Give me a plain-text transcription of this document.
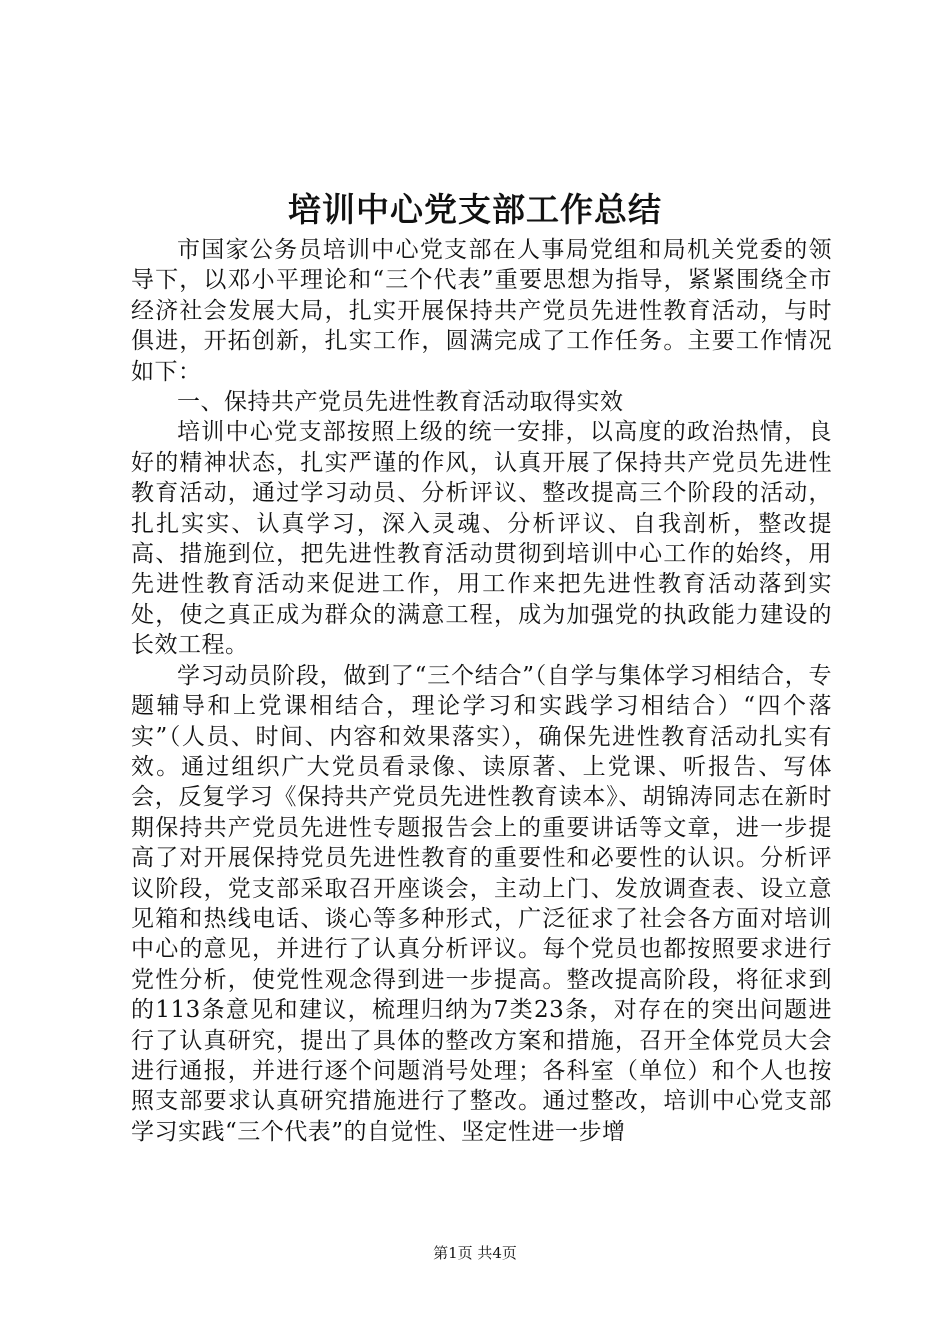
培训中心党支部工作总结

市国家公务员培训中心党支部在人事局党组和局机关党委的领导下，以邓小平理论和“三个代表”重要思想为指导，紧紧围绕全市经济社会发展大局，扎实开展保持共产党员先进性教育活动，与时俱进，开拓创新，扎实工作，圆满完成了工作任务。主要工作情况如下：

一、保持共产党员先进性教育活动取得实效

培训中心党支部按照上级的统一安排，以高度的政治热情，良好的精神状态，扎实严谨的作风，认真开展了保持共产党员先进性教育活动，通过学习动员、分析评议、整改提高三个阶段的活动，扎扎实实、认真学习，深入灵魂、分析评议、自我剖析，整改提高、措施到位，把先进性教育活动贯彻到培训中心工作的始终，用先进性教育活动来促进工作，用工作来把先进性教育活动落到实处，使之真正成为群众的满意工程，成为加强党的执政能力建设的长效工程。

学习动员阶段，做到了“三个结合”（自学与集体学习相结合，专题辅导和上党课相结合，理论学习和实践学习相结合）“四个落实”（人员、时间、内容和效果落实），确保先进性教育活动扎实有效。通过组织广大党员看录像、读原著、上党课、听报告、写体会，反复学习《保持共产党员先进性教育读本》、胡锦涛同志在新时期保持共产党员先进性专题报告会上的重要讲话等文章，进一步提高了对开展保持党员先进性教育的重要性和必要性的认识。分析评议阶段，党支部采取召开座谈会，主动上门、发放调查表、设立意见箱和热线电话、谈心等多种形式，广泛征求了社会各方面对培训中心的意见，并进行了认真分析评议。每个党员也都按照要求进行党性分析，使党性观念得到进一步提高。整改提高阶段，将征求到的113条意见和建议，梳理归纳为7类23条，对存在的突出问题进行了认真研究，提出了具体的整改方案和措施，召开全体党员大会进行通报，并进行逐个问题消号处理；各科室（单位）和个人也按照支部要求认真研究措施进行了整改。通过整改，培训中心党支部学习实践“三个代表”的自觉性、坚定性进一步增

第1页 共4页
